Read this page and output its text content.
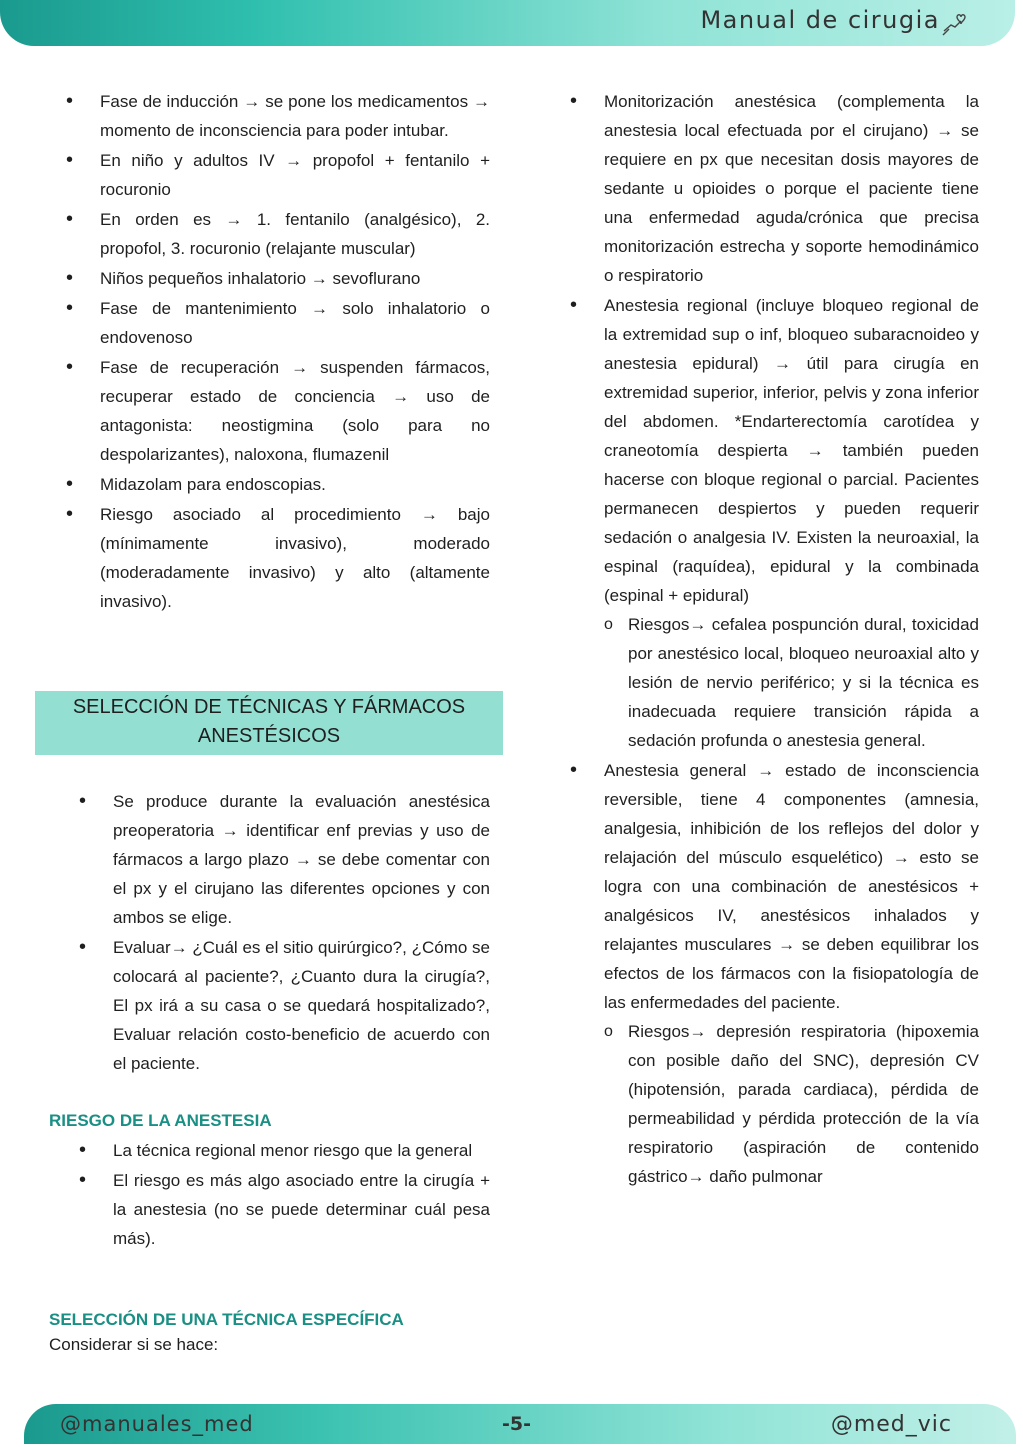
Manual de cirugia
• Fase de inducción → se pone los medicamentos → momento de inconsciencia para poder intubar.
• En niño y adultos IV → propofol + fentanilo + rocuronio
• En orden es → 1. fentanilo (analgésico), 2. propofol, 3. rocuronio (relajante muscular)
• Niños pequeños inhalatorio → sevoflurano
• Fase de mantenimiento → solo inhalatorio o endovenoso
• Fase de recuperación → suspenden fármacos, recuperar estado de conciencia → uso de antagonista: neostigmina (solo para no despolarizantes), naloxona, flumazenil
• Midazolam para endoscopias.
• Riesgo asociado al procedimiento → bajo (mínimamente invasivo), moderado (moderadamente invasivo) y alto (altamente invasivo).
SELECCIÓN DE TÉCNICAS Y FÁRMACOS
ANESTÉSICOS
• Se produce durante la evaluación anestésica preoperatoria → identificar enf previas y uso de fármacos a largo plazo → se debe comentar con el px y el cirujano las diferentes opciones y con ambos se elige.
• Evaluar→ ¿Cuál es el sitio quirúrgico?, ¿Cómo se colocará al paciente?, ¿Cuanto dura la cirugía?, El px irá a su casa o se quedará hospitalizado?, Evaluar relación costo-beneficio de acuerdo con el paciente.
RIESGO DE LA ANESTESIA
• La técnica regional menor riesgo que la general
• El riesgo es más algo asociado entre la cirugía + la anestesia (no se puede determinar cuál pesa más).
SELECCIÓN DE UNA TÉCNICA ESPECÍFICA
Considerar si se hace:
• Monitorización anestésica (complementa la anestesia local efectuada por el cirujano) → se requiere en px que necesitan dosis mayores de sedante u opioides o porque el paciente tiene una enfermedad aguda/crónica que precisa monitorización estrecha y soporte hemodinámico o respiratorio
• Anestesia regional (incluye bloqueo regional de la extremidad sup o inf, bloqueo subaracnoideo y anestesia epidural) → útil para cirugía en extremidad superior, inferior, pelvis y zona inferior del abdomen. *Endarterectomía carotídea y craneotomía despierta → también pueden hacerse con bloque regional o parcial. Pacientes permanecen despiertos y pueden requerir sedación o analgesia IV. Existen la neuroaxial, la espinal (raquídea), epidural y la combinada (espinal + epidural)
o Riesgos→ cefalea pospunción dural, toxicidad por anestésico local, bloqueo neuroaxial alto y lesión de nervio periférico; y si la técnica es inadecuada requiere transición rápida a sedación profunda o anestesia general.
• Anestesia general → estado de inconsciencia reversible, tiene 4 componentes (amnesia, analgesia, inhibición de los reflejos del dolor y relajación del músculo esquelético) → esto se logra con una combinación de anestésicos + analgésicos IV, anestésicos inhalados y relajantes musculares → se deben equilibrar los efectos de los fármacos con la fisiopatología de las enfermedades del paciente.
o Riesgos→ depresión respiratoria (hipoxemia con posible daño del SNC), depresión CV (hipotensión, parada cardiaca), pérdida de permeabilidad y pérdida protección de la vía respiratorio (aspiración de contenido gástrico→ daño pulmonar
@manuales_med	-5-	@med_vic
